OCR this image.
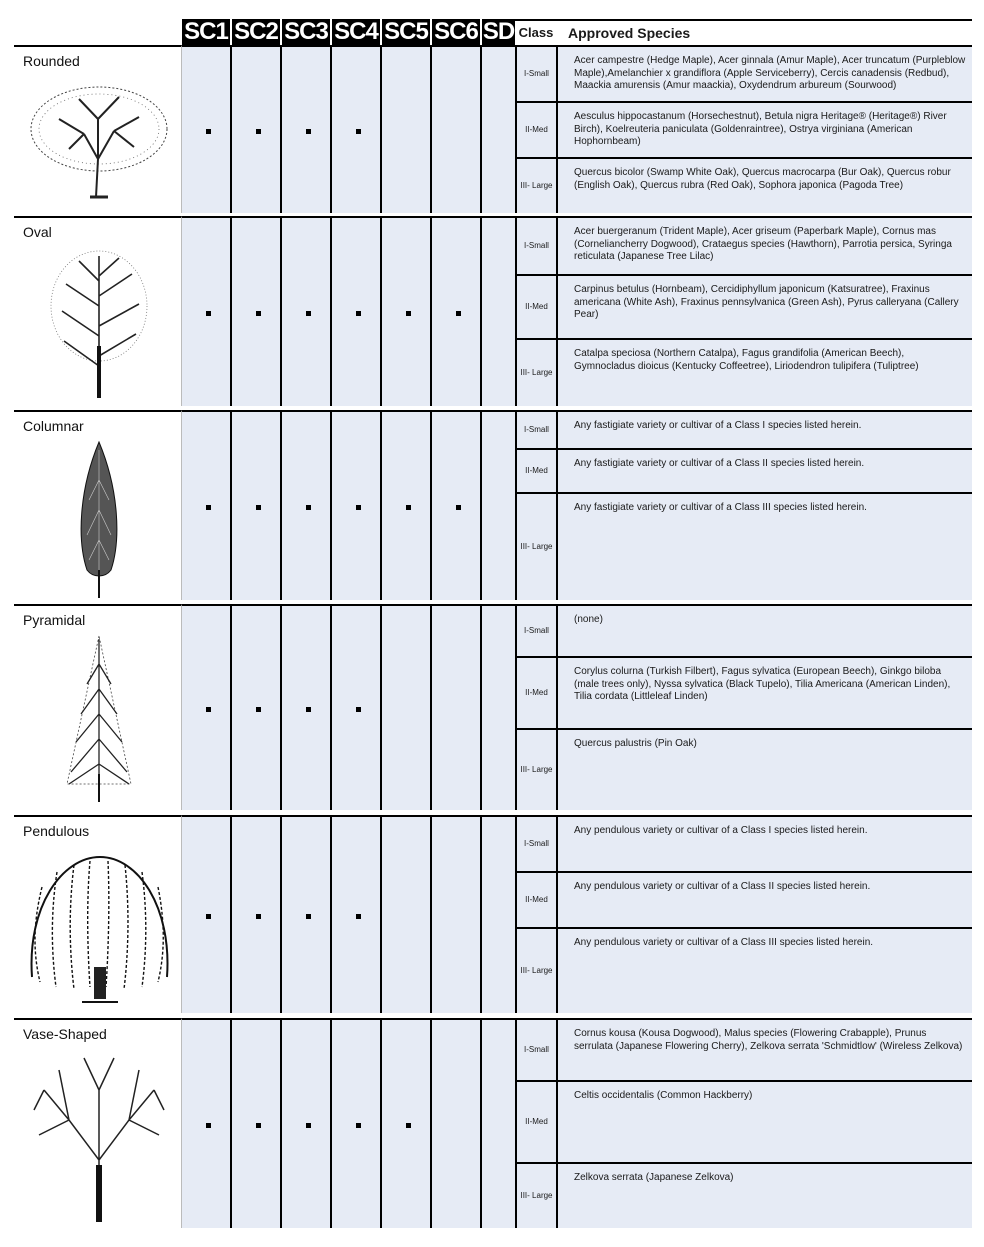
SC1 SC2 SC3 SC4 SC5 SC6 SD Class	Approved Species
Rounded
I-Small
II-Med
III- Large
Acer campestre (Hedge Maple), Acer ginnala (Amur Maple), Acer truncatum (Purpleblow Maple),Amelanchier x grandiflora (Apple Serviceberry), Cercis canadensis (Redbud), Maackia amurensis (Amur maackia), Oxydendrum arbureum (Sourwood)
Aesculus hippocastanum (Horsechestnut), Betula nigra Heritage® (Heritage®) River Birch), Koelreuteria paniculata (Goldenraintree), Ostrya virginiana (American Hophornbeam)
Quercus bicolor (Swamp White Oak), Quercus macrocarpa (Bur Oak), Quercus robur (English Oak), Quercus rubra (Red Oak), Sophora japonica (Pagoda Tree)
Oval
I-Small
II-Med
III- Large
Acer buergeranum (Trident Maple), Acer griseum (Paperbark Maple), Cornus mas (Corneliancherry Dogwood), Crataegus species (Hawthorn), Parrotia persica, Syringa reticulata (Japanese Tree Lilac)
Carpinus betulus (Hornbeam), Cercidiphyllum japonicum (Katsuratree), Fraxinus americana (White Ash), Fraxinus pennsylvanica (Green Ash), Pyrus calleryana (Callery Pear)
Catalpa speciosa (Northern Catalpa), Fagus grandifolia (American Beech), Gymnocladus dioicus (Kentucky Coffeetree), Liriodendron tulipifera (Tuliptree)
Columnar	I-Small
II-Med
III- Large
Any fastigiate variety or cultivar of a Class I species listed herein.
Any fastigiate variety or cultivar of a Class II species listed herein.
Any fastigiate variety or cultivar of a Class III species listed herein.
Pyramidal
I-Small
II-Med
III- Large
(none)
Corylus colurna (Turkish Filbert), Fagus sylvatica (European Beech), Ginkgo biloba (male trees only), Nyssa sylvatica (Black Tupelo), Tilia Americana (American Linden), Tilia cordata (Littleleaf Linden)
Quercus palustris (Pin Oak)
Pendulous
I-Small
II-Med
III- Large
Any pendulous variety or cultivar of a Class I species listed herein.
Any pendulous variety or cultivar of a Class II species listed herein.
Any pendulous variety or cultivar of a Class III species listed herein.
Vase-Shaped
I-Small
II-Med
III- Large
Cornus kousa (Kousa Dogwood), Malus species (Flowering Crabapple), Prunus serrulata (Japanese Flowering Cherry), Zelkova serrata 'Schmidtlow' (Wireless Zelkova)
Celtis occidentalis (Common Hackberry)
Zelkova serrata (Japanese Zelkova)
